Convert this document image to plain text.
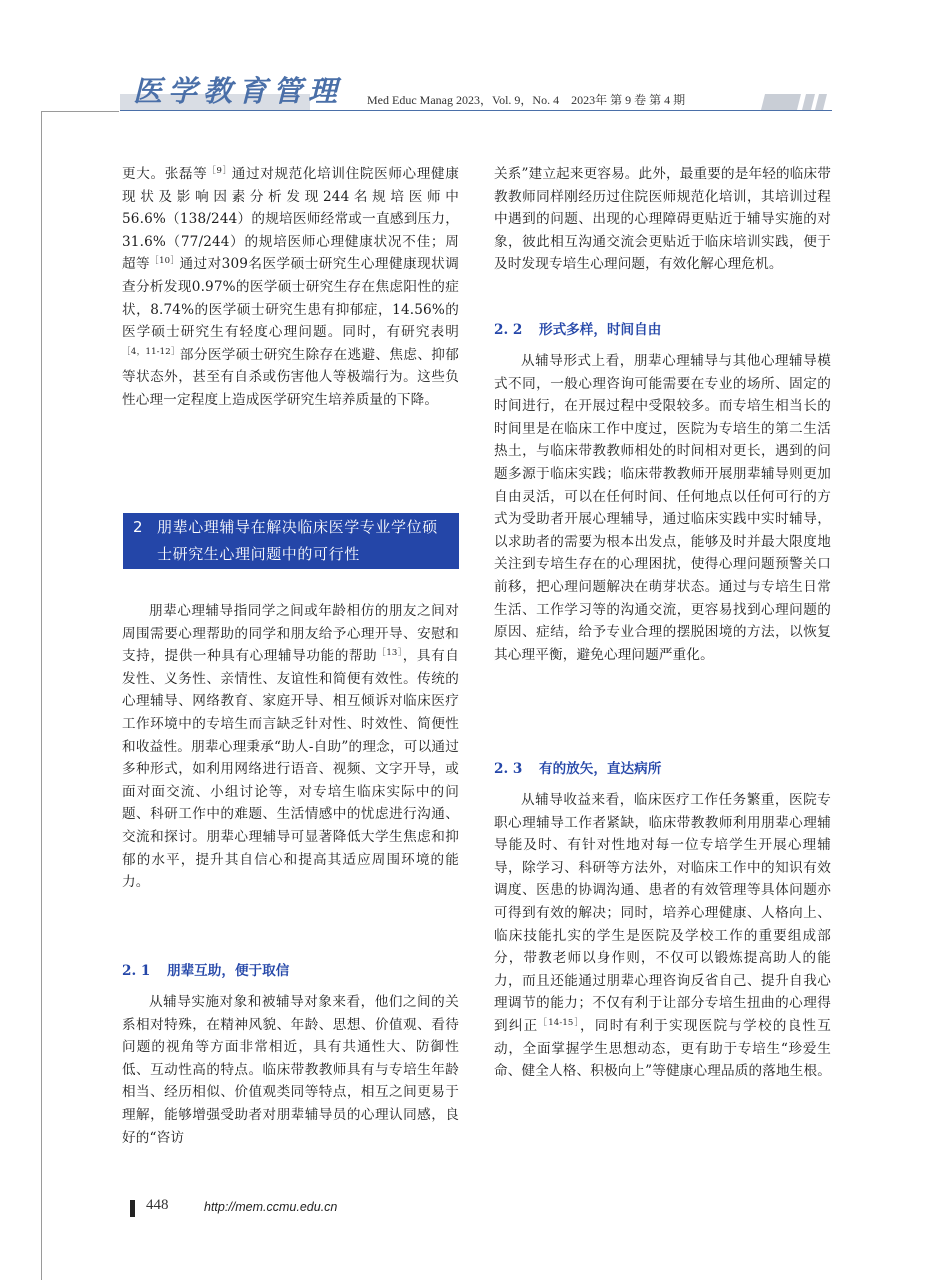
医学教育管理 Med Educ Manag 2023，Vol. 9，No. 4　2023年 第 9 卷 第 4 期

更大。张磊等$^{[9]}$通过对规范化培训住院医师心理健康现状及影响因素分析发现244名规培医师中56.6%（138/244）的规培医师经常或一直感到压力，31.6%（77/244）的规培医师心理健康状况不佳；周超等$^{[10]}$通过对309名医学硕士研究生心理健康现状调查分析发现0.97%的医学硕士研究生存在焦虑阳性的症状，8.74%的医学硕士研究生患有抑郁症，14.56%的医学硕士研究生有轻度心理问题。同时，有研究表明$^{[4,11-12]}$部分医学硕士研究生除存在逃避、焦虑、抑郁等状态外，甚至有自杀或伤害他人等极端行为。这些负性心理一定程度上造成医学研究生培养质量的下降。

朋辈心理辅导指同学之间或年龄相仿的朋友之间对周围需要心理帮助的同学和朋友给予心理开导、安慰和支持，提供一种具有心理辅导功能的帮助$^{[13]}$，具有自发性、义务性、亲情性、友谊性和简便有效性。传统的心理辅导、网络教育、家庭开导、相互倾诉对临床医疗工作环境中的专培生而言缺乏针对性、时效性、简便性和收益性。朋辈心理秉承“助人-自助”的理念，可以通过多种形式，如利用网络进行语音、视频、文字开导，或面对面交流、小组讨论等，对专培生临床实际中的问题、科研工作中的难题、生活情感中的忧虑进行沟通、交流和探讨。朋辈心理辅导可显著降低大学生焦虑和抑郁的水平，提升其自信心和提高其适应周围环境的能力。

2. 1 朋辈互助，便于取信

从辅导实施对象和被辅导对象来看，他们之间的关系相对特殊，在精神风貌、年龄、思想、价值观、看待问题的视角等方面非常相近，具有共通性大、防御性低、互动性高的特点。临床带教教师具有与专培生年龄相当、经历相似、价值观类同等特点，相互之间更易于理解，能够增强受助者对朋辈辅导员的心理认同感，良好的“咨访

2 朋辈心理辅导在解决临床医学专业学位硕士研究生心理问题中的可行性

关系”建立起来更容易。此外，最重要的是年轻的临床带教教师同样刚经历过住院医师规范化培训，其培训过程中遇到的问题、出现的心理障碍更贴近于辅导实施的对象，彼此相互沟通交流会更贴近于临床培训实践，便于及时发现专培生心理问题，有效化解心理危机。

2. 2 形式多样，时间自由

从辅导形式上看，朋辈心理辅导与其他心理辅导模式不同，一般心理咨询可能需要在专业的场所、固定的时间进行，在开展过程中受限较多。而专培生相当长的时间里是在临床工作中度过，医院为专培生的第二生活热土，与临床带教教师相处的时间相对更长，遇到的问题多源于临床实践；临床带教教师开展朋辈辅导则更加自由灵活，可以在任何时间、任何地点以任何可行的方式为受助者开展心理辅导，通过临床实践中实时辅导，以求助者的需要为根本出发点，能够及时并最大限度地关注到专培生存在的心理困扰，使得心理问题预警关口前移，把心理问题解决在萌芽状态。通过与专培生日常生活、工作学习等的沟通交流，更容易找到心理问题的原因、症结，给予专业合理的摆脱困境的方法，以恢复其心理平衡，避免心理问题严重化。

2. 3 有的放矢，直达病所

从辅导收益来看，临床医疗工作任务繁重，医院专职心理辅导工作者紧缺，临床带教教师利用朋辈心理辅导能及时、有针对性地对每一位专培学生开展心理辅导，除学习、科研等方法外，对临床工作中的知识有效调度、医患的协调沟通、患者的有效管理等具体问题亦可得到有效的解决；同时，培养心理健康、人格向上、临床技能扎实的学生是医院及学校工作的重要组成部分，带教老师以身作则，不仅可以锻炼提高助人的能力，而且还能通过朋辈心理咨询反省自己、提升自我心理调节的能力；不仅有利于让部分专培生扭曲的心理得到纠正$^{[14-15]}$，同时有利于实现医院与学校的良性互动，全面掌握学生思想动态，更有助于专培生“珍爱生命、健全人格、积极向上”等健康心理品质的落地生根。

448	http://mem.ccmu.edu.cn
